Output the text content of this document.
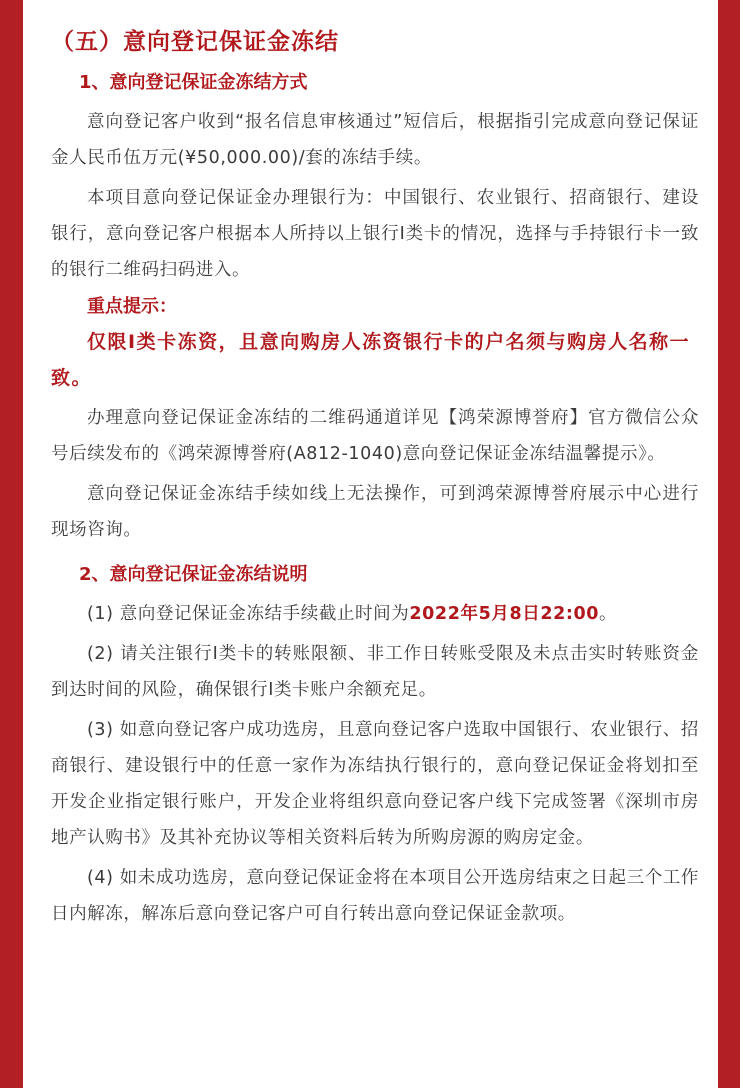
（五）意向登记保证金冻结
1、意向登记保证金冻结方式

意向登记客户收到“报名信息审核通过”短信后，根据指引完成意向登记保证金人民币伍万元(¥50,000.00)/套的冻结手续。

本项目意向登记保证金办理银行为：中国银行、农业银行、招商银行、建设银行，意向登记客户根据本人所持以上银行Ⅰ类卡的情况，选择与手持银行卡一致的银行二维码扫码进入。

重点提示：

仅限I类卡冻资，且意向购房人冻资银行卡的户名须与购房人名称一致。

办理意向登记保证金冻结的二维码通道详见【鸿荣源博誉府】官方微信公众号后续发布的《鸿荣源博誉府(A812-1040)意向登记保证金冻结温馨提示》。

意向登记保证金冻结手续如线上无法操作，可到鸿荣源博誉府展示中心进行现场咨询。

2、意向登记保证金冻结说明

(1) 意向登记保证金冻结手续截止时间为2022年5月8日22:00。

(2) 请关注银行I类卡的转账限额、非工作日转账受限及未点击实时转账资金到达时间的风险，确保银行I类卡账户余额充足。

(3) 如意向登记客户成功选房，且意向登记客户选取中国银行、农业银行、招商银行、建设银行中的任意一家作为冻结执行银行的，意向登记保证金将划扣至开发企业指定银行账户，开发企业将组织意向登记客户线下完成签署《深圳市房地产认购书》及其补充协议等相关资料后转为所购房源的购房定金。

(4) 如未成功选房，意向登记保证金将在本项目公开选房结束之日起三个工作日内解冻，解冻后意向登记客户可自行转出意向登记保证金款项。
